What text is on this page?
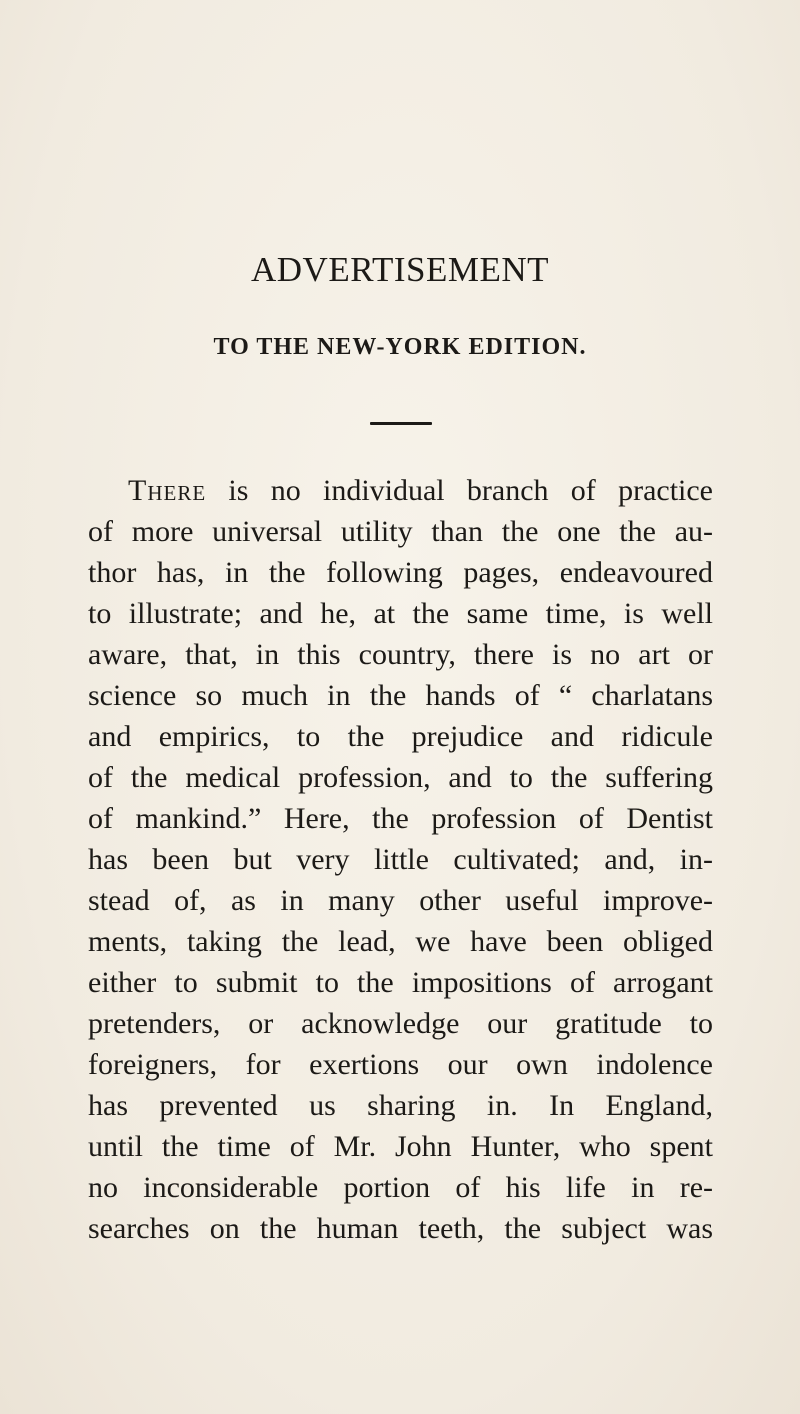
ADVERTISEMENT
TO THE NEW-YORK EDITION.
There is no individual branch of practice
of more universal utility than the one the au-
thor has, in the following pages, endeavoured
to illustrate; and he, at the same time, is well
aware, that, in this country, there is no art or
science so much in the hands of “ charlatans
and empirics, to the prejudice and ridicule
of the medical profession, and to the suffering
of mankind.” Here, the profession of Dentist
has been but very little cultivated; and, in-
stead of, as in many other useful improve-
ments, taking the lead, we have been obliged
either to submit to the impositions of arrogant
pretenders, or acknowledge our gratitude to
foreigners, for exertions our own indolence
has prevented us sharing in. In England,
until the time of Mr. John Hunter, who spent
no inconsiderable portion of his life in re-
searches on the human teeth, the subject was
